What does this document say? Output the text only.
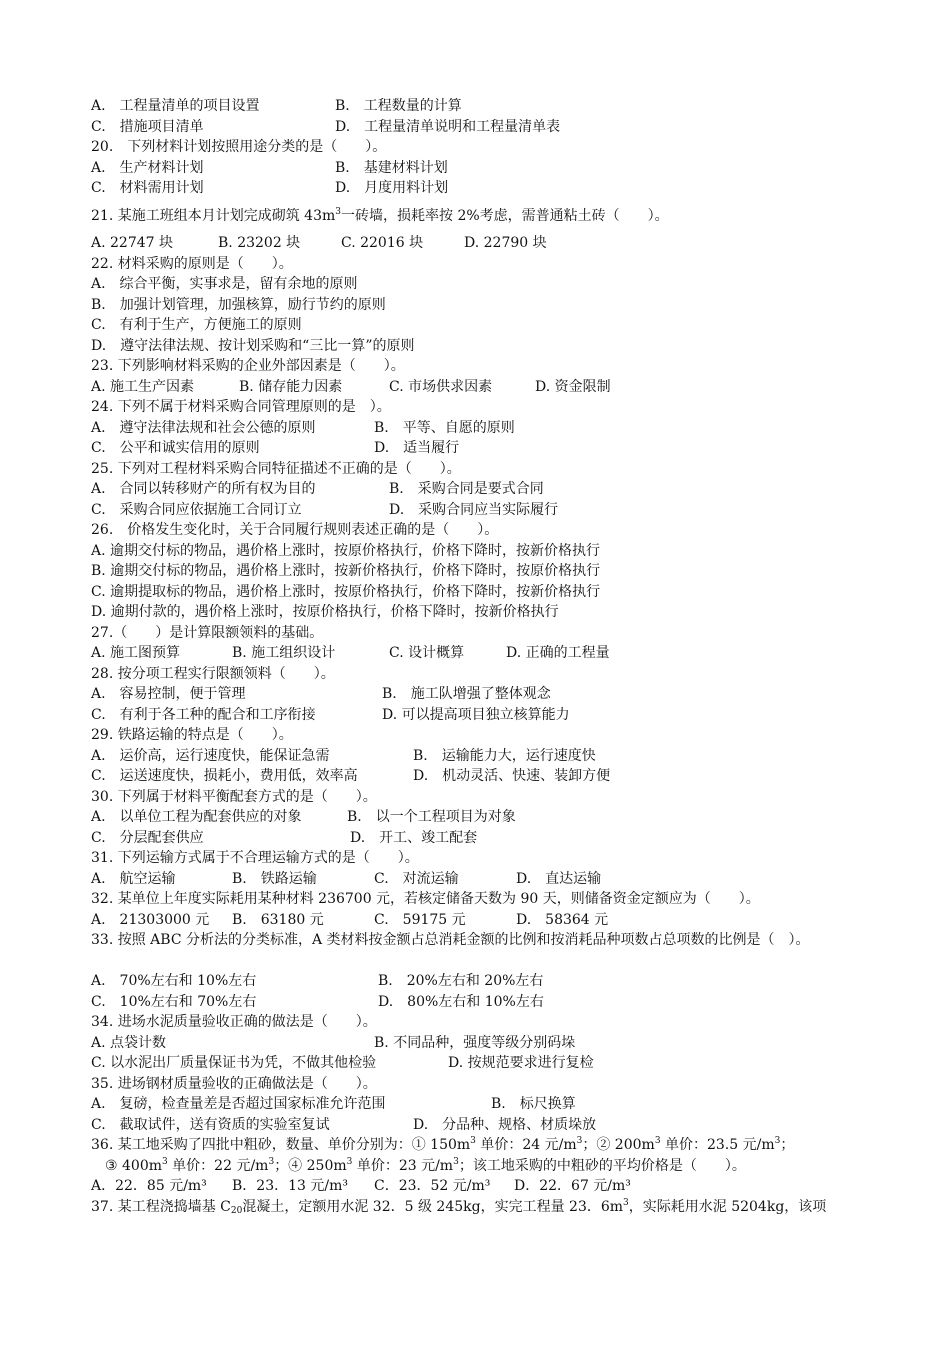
A.　工程量清单的项目设置	B.　工程数量的计算
C.　措施项目清单	D.　工程量清单说明和工程量清单表
20.　下列材料计划按照用途分类的是（　　）。
A.　生产材料计划	B.　基建材料计划
C.　材料需用计划	D.　月度用料计划
21. 某施工班组本月计划完成砌筑 $43m^3$一砖墙，损耗率按 2%考虑，需普通粘土砖（　　）。
A. 22747 块	B. 23202 块	C. 22016 块	D. 22790 块
22. 材料采购的原则是（　　）。
A.　综合平衡，实事求是，留有余地的原则
B.　加强计划管理，加强核算，励行节约的原则
C.　有利于生产，方便施工的原则
D.　遵守法律法规、按计划采购和“三比一算”的原则
23. 下列影响材料采购的企业外部因素是（　　）。
A. 施工生产因素	B. 储存能力因素	C. 市场供求因素	D. 资金限制
24. 下列不属于材料采购合同管理原则的是　）。
A.　遵守法律法规和社会公德的原则	B.　平等、自愿的原则
C.　公平和诚实信用的原则	D.　适当履行
25. 下列对工程材料采购合同特征描述不正确的是（　　）。
A.　合同以转移财产的所有权为目的	B.　采购合同是要式合同
C.　采购合同应依据施工合同订立	D.　采购合同应当实际履行
26.　价格发生变化时，关于合同履行规则表述正确的是（　　）。
A. 逾期交付标的物品，遇价格上涨时，按原价格执行，价格下降时，按新价格执行
B. 逾期交付标的物品，遇价格上涨时，按新价格执行，价格下降时，按原价格执行
C. 逾期提取标的物品，遇价格上涨时，按原价格执行，价格下降时，按新价格执行
D. 逾期付款的，遇价格上涨时，按原价格执行，价格下降时，按新价格执行
27.（　　）是计算限额领料的基础。
A. 施工图预算	B. 施工组织设计	C. 设计概算	D. 正确的工程量
28. 按分项工程实行限额领料（　　）。
A.　容易控制，便于管理	B.　施工队增强了整体观念
C.　有利于各工种的配合和工序衔接	D. 可以提高项目独立核算能力
29. 铁路运输的特点是（　　）。
A.　运价高，运行速度快，能保证急需	B.　运输能力大，运行速度快
C.　运送速度快，损耗小，费用低，效率高	D.　机动灵活、快速、装卸方便
30. 下列属于材料平衡配套方式的是（　　）。
A.　以单位工程为配套供应的对象	B.　以一个工程项目为对象
C.　分层配套供应	D.　开工、竣工配套
31. 下列运输方式属于不合理运输方式的是（　　）。
A.　航空运输	B.　铁路运输	C.　对流运输	D.　直达运输
32. 某单位上年度实际耗用某种材料 236700 元，若核定储备天数为 90 天，则储备资金定额应为（　　）。
A.　21303000 元 B.　63180 元	C.　59175 元	D.　58364 元
33. 按照 ABC 分析法的分类标准，A 类材料按金额占总消耗金额的比例和按消耗品种项数占总项数的比例是（　）。
A.　70%左右和 10%左右	B.　20%左右和 20%左右
C.　10%左右和 70%左右	D.　80%左右和 10%左右
34. 进场水泥质量验收正确的做法是（　　）。
A. 点袋计数	B. 不同品种，强度等级分别码垛
C. 以水泥出厂质量保证书为凭，不做其他检验	D. 按规范要求进行复检
35. 进场钢材质量验收的正确做法是（　　）。
A.　复磅，检查量差是否超过国家标准允许范围	B.　标尺换算
C.　截取试件，送有资质的实验室复试	D.　分品种、规格、材质垛放
36. 某工地采购了四批中粗砂，数量、单价分别为：① $150m^3$ 单价：24 元$/m^3$；② $200m^3$ 单价：23.5 元$/m^3$；
③ $400m^3$ 单价：22 元$/m^3$；④ $250m^3$ 单价：23 元$/m^3$；该工地采购的中粗砂的平均价格是（　　）。
A．22．85 元/m³ B．23．13 元/m³ C．23．52 元/m³ D．22．67 元/m³
37. 某工程浇捣墙基 $C_{20}$混凝土，定额用水泥 32．5 级 245kg，实完工程量 23．$6m^3$，实际耗用水泥 5204kg，该项
